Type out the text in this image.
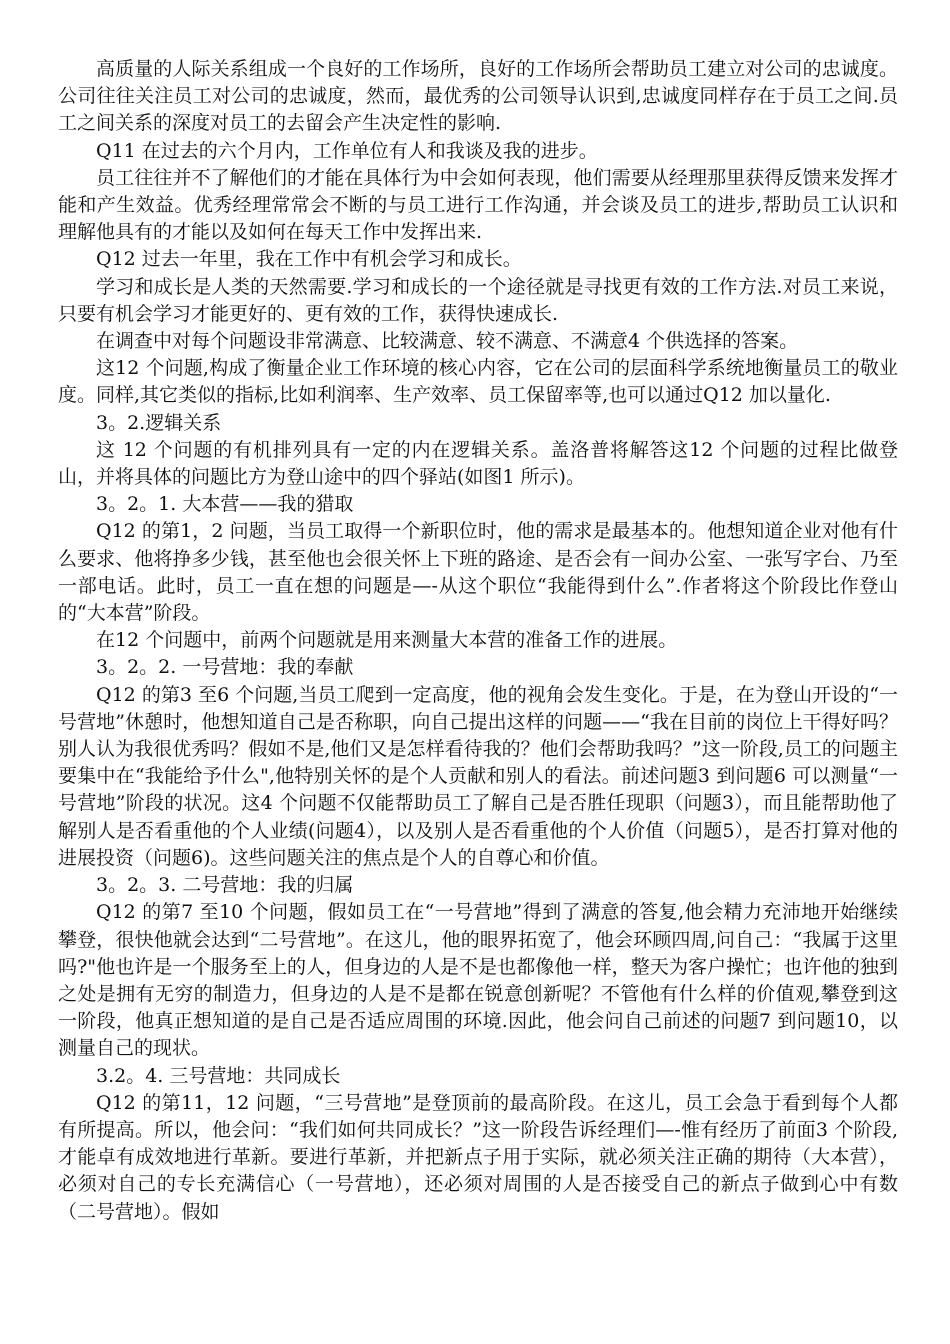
高质量的人际关系组成一个良好的工作场所，良好的工作场所会帮助员工建立对公司的忠诚度。公司往往关注员工对公司的忠诚度，然而，最优秀的公司领导认识到,忠诚度同样存在于员工之间.员工之间关系的深度对员工的去留会产生决定性的影响.

Q11 在过去的六个月内，工作单位有人和我谈及我的进步。

员工往往并不了解他们的才能在具体行为中会如何表现，他们需要从经理那里获得反馈来发挥才能和产生效益。优秀经理常常会不断的与员工进行工作沟通，并会谈及员工的进步,帮助员工认识和理解他具有的才能以及如何在每天工作中发挥出来.

Q12 过去一年里，我在工作中有机会学习和成长。

学习和成长是人类的天然需要.学习和成长的一个途径就是寻找更有效的工作方法.对员工来说，只要有机会学习才能更好的、更有效的工作，获得快速成长.

在调查中对每个问题设非常满意、比较满意、较不满意、不满意4 个供选择的答案。

这12 个问题,构成了衡量企业工作环境的核心内容，它在公司的层面科学系统地衡量员工的敬业度。同样,其它类似的指标,比如利润率、生产效率、员工保留率等,也可以通过Q12 加以量化.

3。2.逻辑关系

这 12 个问题的有机排列具有一定的内在逻辑关系。盖洛普将解答这12 个问题的过程比做登山，并将具体的问题比方为登山途中的四个驿站(如图1 所示)。

3。2。1. 大本营——我的猎取

Q12 的第1，2 问题，当员工取得一个新职位时，他的需求是最基本的。他想知道企业对他有什么要求、他将挣多少钱，甚至他也会很关怀上下班的路途、是否会有一间办公室、一张写字台、乃至一部电话。此时，员工一直在想的问题是—-从这个职位“我能得到什么”.作者将这个阶段比作登山的“大本营”阶段。

在12 个问题中，前两个问题就是用来测量大本营的准备工作的进展。

3。2。2. 一号营地：我的奉献

Q12 的第3 至6 个问题,当员工爬到一定高度，他的视角会发生变化。于是，在为登山开设的“一号营地”休憩时，他想知道自己是否称职，向自己提出这样的问题——“我在目前的岗位上干得好吗？别人认为我很优秀吗？假如不是,他们又是怎样看待我的？他们会帮助我吗？”这一阶段,员工的问题主要集中在“我能给予什么",他特别关怀的是个人贡献和别人的看法。前述问题3 到问题6 可以测量“一号营地”阶段的状况。这4 个问题不仅能帮助员工了解自己是否胜任现职（问题3），而且能帮助他了解别人是否看重他的个人业绩(问题4），以及别人是否看重他的个人价值（问题5），是否打算对他的进展投资（问题6)。这些问题关注的焦点是个人的自尊心和价值。

3。2。3. 二号营地：我的归属

Q12 的第7 至10 个问题，假如员工在“一号营地”得到了满意的答复,他会精力充沛地开始继续攀登，很快他就会达到“二号营地”。在这儿，他的眼界拓宽了，他会环顾四周,问自己：“我属于这里吗?"他也许是一个服务至上的人，但身边的人是不是也都像他一样，整天为客户操忙；也许他的独到之处是拥有无穷的制造力，但身边的人是不是都在锐意创新呢？不管他有什么样的价值观,攀登到这一阶段，他真正想知道的是自己是否适应周围的环境.因此，他会问自己前述的问题7 到问题10，以测量自己的现状。

3.2。4. 三号营地：共同成长

Q12 的第11，12 问题，“三号营地”是登顶前的最高阶段。在这儿，员工会急于看到每个人都有所提高。所以，他会问：“我们如何共同成长？”这一阶段告诉经理们—-惟有经历了前面3 个阶段,才能卓有成效地进行革新。要进行革新，并把新点子用于实际，就必须关注正确的期待（大本营），必须对自己的专长充满信心（一号营地），还必须对周围的人是否接受自己的新点子做到心中有数（二号营地）。假如
